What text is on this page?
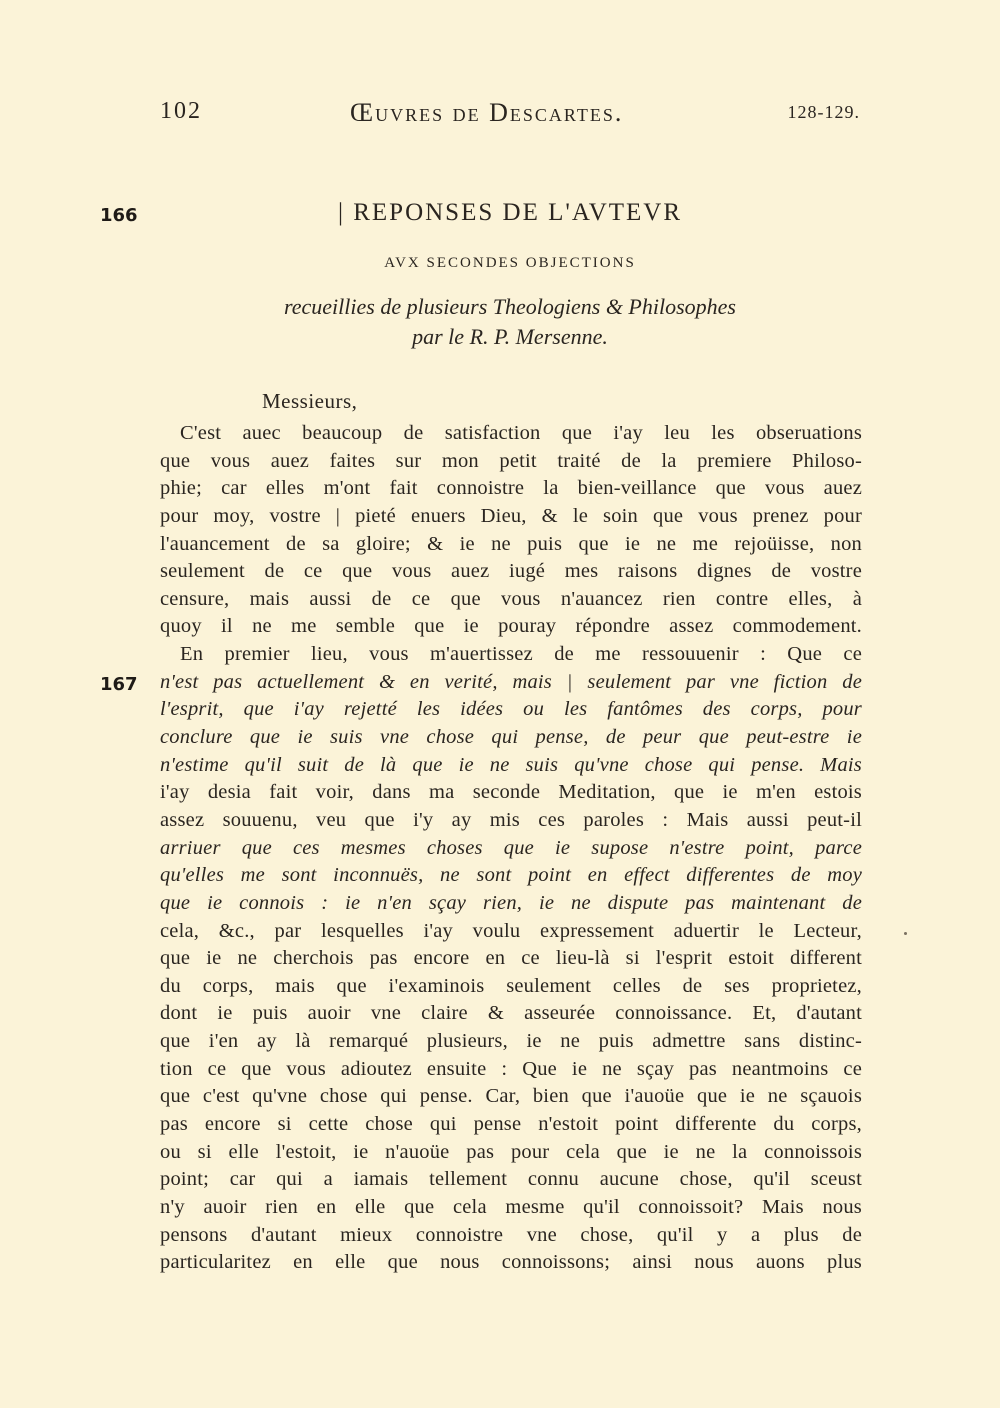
102	Œuvres de Descartes.	128-129.
166
167
| REPONSES DE L'AVTEVR
AVX SECONDES OBJECTIONS
recueillies de plusieurs Theologiens & Philosophes
par le R. P. Mersenne.
Messieurs,
C'est auec beaucoup de satisfaction que i'ay leu les obseruations
que vous auez faites sur mon petit traité de la premiere Philoso-
phie; car elles m'ont fait connoistre la bien-veillance que vous auez
pour moy, vostre | pieté enuers Dieu, & le soin que vous prenez pour
l'auancement de sa gloire; & ie ne puis que ie ne me rejoüisse, non
seulement de ce que vous auez iugé mes raisons dignes de vostre
censure, mais aussi de ce que vous n'auancez rien contre elles, à
quoy il ne me semble que ie pouray répondre assez commodement.
En premier lieu, vous m'auertissez de me ressouuenir : Que ce
n'est pas actuellement & en verité, mais | seulement par vne fiction de
l'esprit, que i'ay rejetté les idées ou les fantômes des corps, pour
conclure que ie suis vne chose qui pense, de peur que peut-estre ie
n'estime qu'il suit de là que ie ne suis qu'vne chose qui pense. Mais
i'ay desia fait voir, dans ma seconde Meditation, que ie m'en estois
assez souuenu, veu que i'y ay mis ces paroles : Mais aussi peut-il
arriuer que ces mesmes choses que ie supose n'estre point, parce
qu'elles me sont inconnuës, ne sont point en effect differentes de moy
que ie connois : ie n'en sçay rien, ie ne dispute pas maintenant de
cela, &c., par lesquelles i'ay voulu expressement aduertir le Lecteur,
que ie ne cherchois pas encore en ce lieu-là si l'esprit estoit different
du corps, mais que i'examinois seulement celles de ses proprietez,
dont ie puis auoir vne claire & asseurée connoissance. Et, d'autant
que i'en ay là remarqué plusieurs, ie ne puis admettre sans distinc-
tion ce que vous adioutez ensuite : Que ie ne sçay pas neantmoins ce
que c'est qu'vne chose qui pense. Car, bien que i'auoüe que ie ne sçauois
pas encore si cette chose qui pense n'estoit point differente du corps,
ou si elle l'estoit, ie n'auoüe pas pour cela que ie ne la connoissois
point; car qui a iamais tellement connu aucune chose, qu'il sceust
n'y auoir rien en elle que cela mesme qu'il connoissoit? Mais nous
pensons d'autant mieux connoistre vne chose, qu'il y a plus de
particularitez en elle que nous connoissons; ainsi nous auons plus
